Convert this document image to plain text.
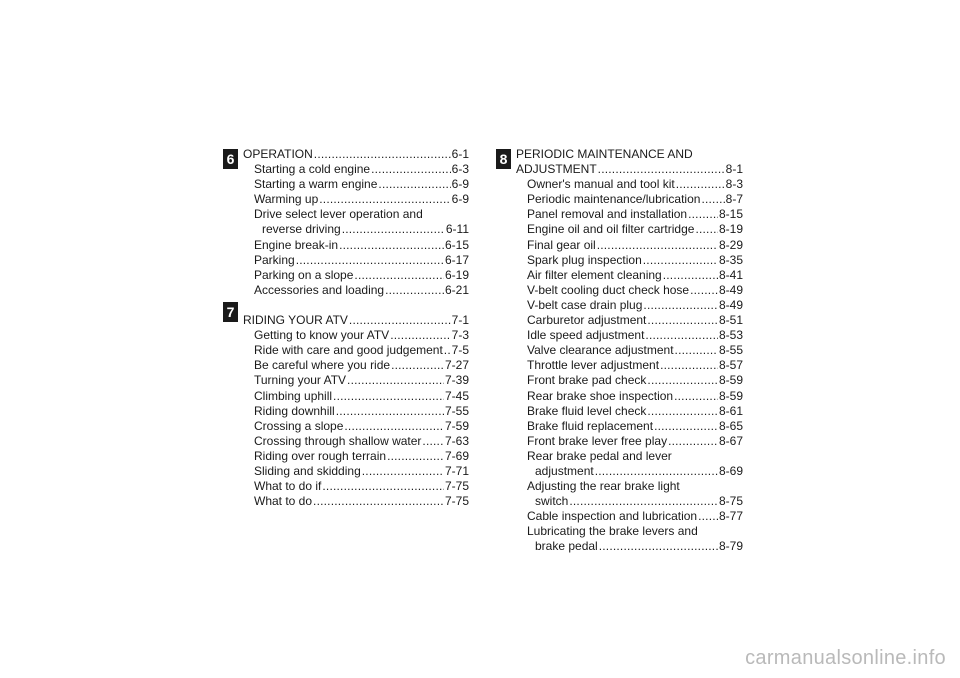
6
7
8
OPERATION .....	6-1
Starting a cold engine .....	6-3
Starting a warm engine .....	6-9
Warming up .....	6-9
Drive select lever operation and
reverse driving .....	6-11
Engine break-in .....	6-15
Parking .....	6-17
Parking on a slope .....	6-19
Accessories and loading .....	6-21
RIDING YOUR ATV .....	7-1
Getting to know your ATV .....	7-3
Ride with care and good judgement ..... 7-5
Be careful where you ride .....	7-27
Turning your ATV .....	7-39
Climbing uphill .....	7-45
Riding downhill .....	7-55
Crossing a slope .....	7-59
Crossing through shallow water ..... 7-63
Riding over rough terrain .....	7-69
Sliding and skidding .....	7-71
What to do if .....	7-75
What to do .....	7-75
PERIODIC MAINTENANCE AND
ADJUSTMENT .....	8-1
Owner's manual and tool kit .....	8-3
Periodic maintenance/lubrication ..... 8-7
Panel removal and installation .....	8-15
Engine oil and oil filter cartridge ..... 8-19
Final gear oil .....	8-29
Spark plug inspection .....	8-35
Air filter element cleaning .....	8-41
V-belt cooling duct check hose ..... 8-49
V-belt case drain plug .....	8-49
Carburetor adjustment .....	8-51
Idle speed adjustment .....	8-53
Valve clearance adjustment .....	8-55
Throttle lever adjustment .....	8-57
Front brake pad check .....	8-59
Rear brake shoe inspection .....	8-59
Brake fluid level check .....	8-61
Brake fluid replacement .....	8-65
Front brake lever free play .....	8-67
Rear brake pedal and lever
adjustment .....	8-69
Adjusting the rear brake light
switch .....	8-75
Cable inspection and lubrication ..... 8-77
Lubricating the brake levers and
brake pedal .....	8-79
carmanualsonline.info
